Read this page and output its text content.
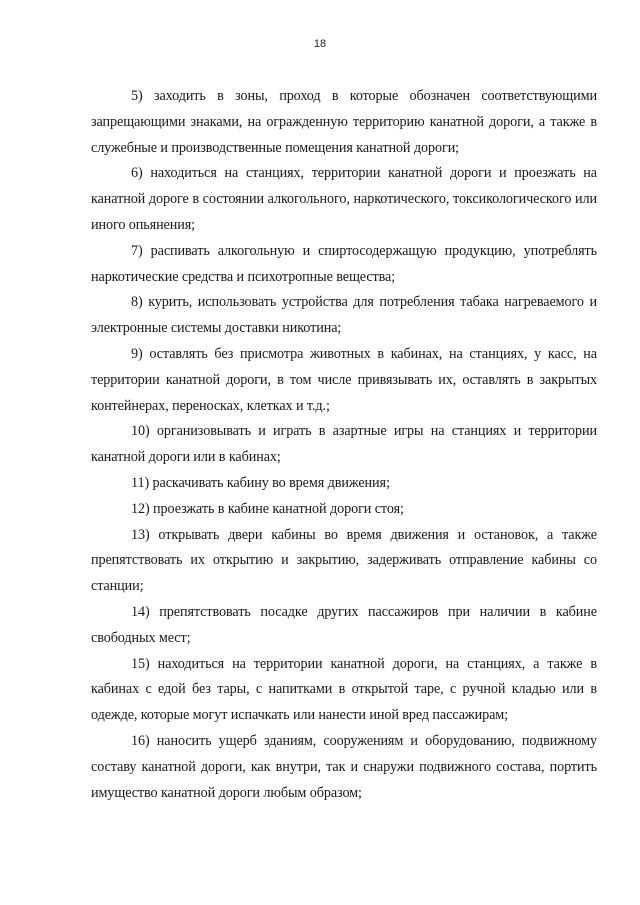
18

5) заходить в зоны, проход в которые обозначен соответствующими запрещающими знаками, на огражденную территорию канатной дороги, а также в служебные и производственные помещения канатной дороги;

6) находиться на станциях, территории канатной дороги и проезжать на канатной дороге в состоянии алкогольного, наркотического, токсикологического или иного опьянения;

7) распивать алкогольную и спиртосодержащую продукцию, употреблять наркотические средства и психотропные вещества;

8) курить, использовать устройства для потребления табака нагреваемого и электронные системы доставки никотина;

9) оставлять без присмотра животных в кабинах, на станциях, у касс, на территории канатной дороги, в том числе привязывать их, оставлять в закрытых контейнерах, переносках, клетках и т.д.;

10) организовывать и играть в азартные игры на станциях и территории канатной дороги или в кабинах;

11) раскачивать кабину во время движения;

12) проезжать в кабине канатной дороги стоя;

13) открывать двери кабины во время движения и остановок, а также препятствовать их открытию и закрытию, задерживать отправление кабины со станции;

14) препятствовать посадке других пассажиров при наличии в кабине свободных мест;

15) находиться на территории канатной дороги, на станциях, а также в кабинах с едой без тары, с напитками в открытой таре, с ручной кладью или в одежде, которые могут испачкать или нанести иной вред пассажирам;

16) наносить ущерб зданиям, сооружениям и оборудованию, подвижному составу канатной дороги, как внутри, так и снаружи подвижного состава, портить имущество канатной дороги любым образом;
